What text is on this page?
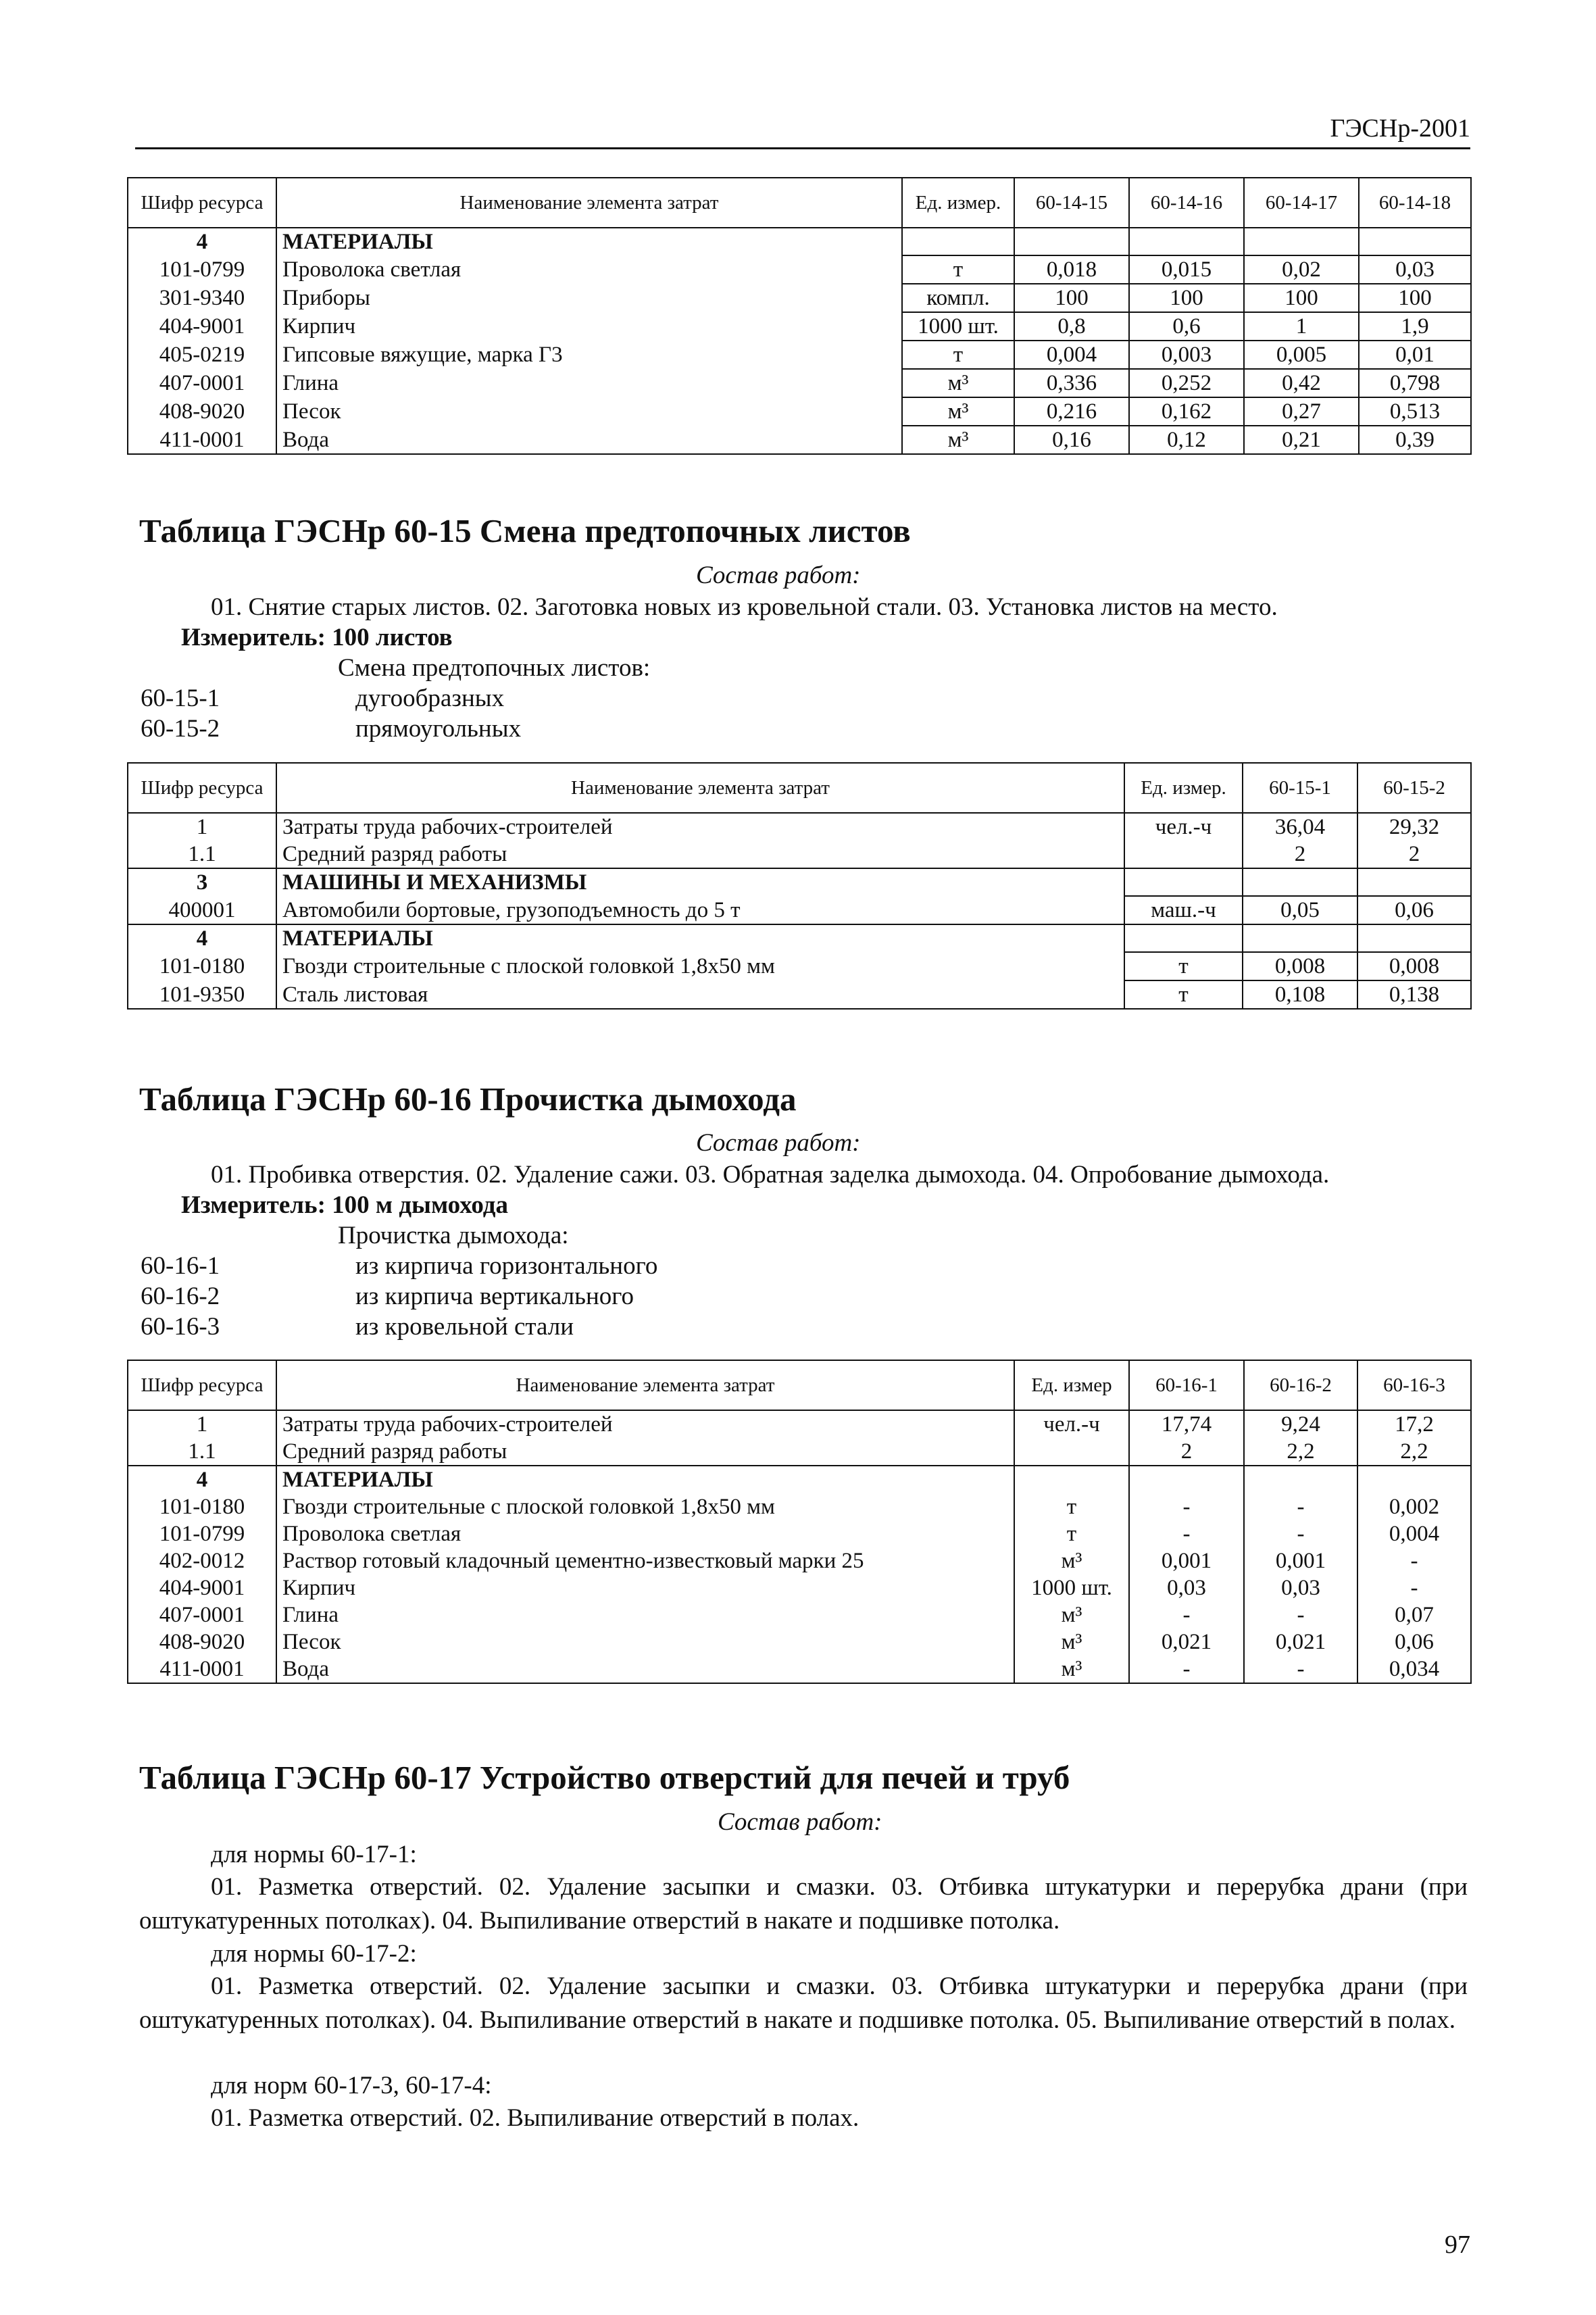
ГЭСНр-2001
Шифр ресурса	Наименование элемента затрат	Ед. измер.	60-14-15	60-14-16	60-14-17	60-14-18
4	МАТЕРИАЛЫ					
101-0799	Проволока светлая	т	0,018	0,015	0,02	0,03
301-9340	Приборы	компл.	100	100	100	100
404-9001	Кирпич	1000 шт.	0,8	0,6	1	1,9
405-0219	Гипсовые вяжущие, марка Г3	т	0,004	0,003	0,005	0,01
407-0001	Глина	м³	0,336	0,252	0,42	0,798
408-9020	Песок	м³	0,216	0,162	0,27	0,513
411-0001	Вода	м³	0,16	0,12	0,21	0,39
Таблица ГЭСНр 60-15 Смена предтопочных листов
Состав работ:
01. Снятие старых листов. 02. Заготовка новых из кровельной стали. 03. Установка листов на место.
Измеритель: 100 листов
Смена предтопочных листов:
60-15-1	дугообразных
60-15-2	прямоугольных
Шифр ресурса	Наименование элемента затрат	Ед. измер.	60-15-1	60-15-2
1	Затраты труда рабочих-строителей	чел.-ч	36,04	29,32
1.1	Средний разряд работы		2	2
3	МАШИНЫ И МЕХАНИЗМЫ			
400001	Автомобили бортовые, грузоподъемность до 5 т	маш.-ч	0,05	0,06
4	МАТЕРИАЛЫ			
101-0180	Гвозди строительные с плоской головкой 1,8х50 мм	т	0,008	0,008
101-9350	Сталь листовая	т	0,108	0,138
Таблица ГЭСНр 60-16 Прочистка дымохода
Состав работ:
01. Пробивка отверстия. 02. Удаление сажи. 03. Обратная заделка дымохода. 04. Опробование дымохода.
Измеритель: 100 м дымохода
Прочистка дымохода:
60-16-1	из кирпича горизонтального
60-16-2	из кирпича вертикального
60-16-3	из кровельной стали
Шифр ресурса	Наименование элемента затрат	Ед. измер	60-16-1	60-16-2	60-16-3
1	Затраты труда рабочих-строителей	чел.-ч	17,74	9,24	17,2
1.1	Средний разряд работы		2	2,2	2,2
4	МАТЕРИАЛЫ				
101-0180	Гвозди строительные с плоской головкой 1,8х50 мм	т	-	-	0,002
101-0799	Проволока светлая	т	-	-	0,004
402-0012	Раствор готовый кладочный цементно-известковый марки 25	м³	0,001	0,001	-
404-9001	Кирпич	1000 шт.	0,03	0,03	-
407-0001	Глина	м³	-	-	0,07
408-9020	Песок	м³	0,021	0,021	0,06
411-0001	Вода	м³	-	-	0,034
Таблица ГЭСНр 60-17 Устройство отверстий для печей и труб
Состав работ:
для нормы 60-17-1:
01. Разметка отверстий. 02. Удаление засыпки и смазки. 03. Отбивка штукатурки и перерубка драни (при оштукатуренных потолках). 04. Выпиливание отверстий в накате и подшивке потолка.
для нормы 60-17-2:
01. Разметка отверстий. 02. Удаление засыпки и смазки. 03. Отбивка штукатурки и перерубка драни (при оштукатуренных потолках). 04. Выпиливание отверстий в накате и подшивке потолка. 05. Выпиливание отверстий в полах.
для норм 60-17-3, 60-17-4:
01. Разметка отверстий. 02. Выпиливание отверстий в полах.
97
